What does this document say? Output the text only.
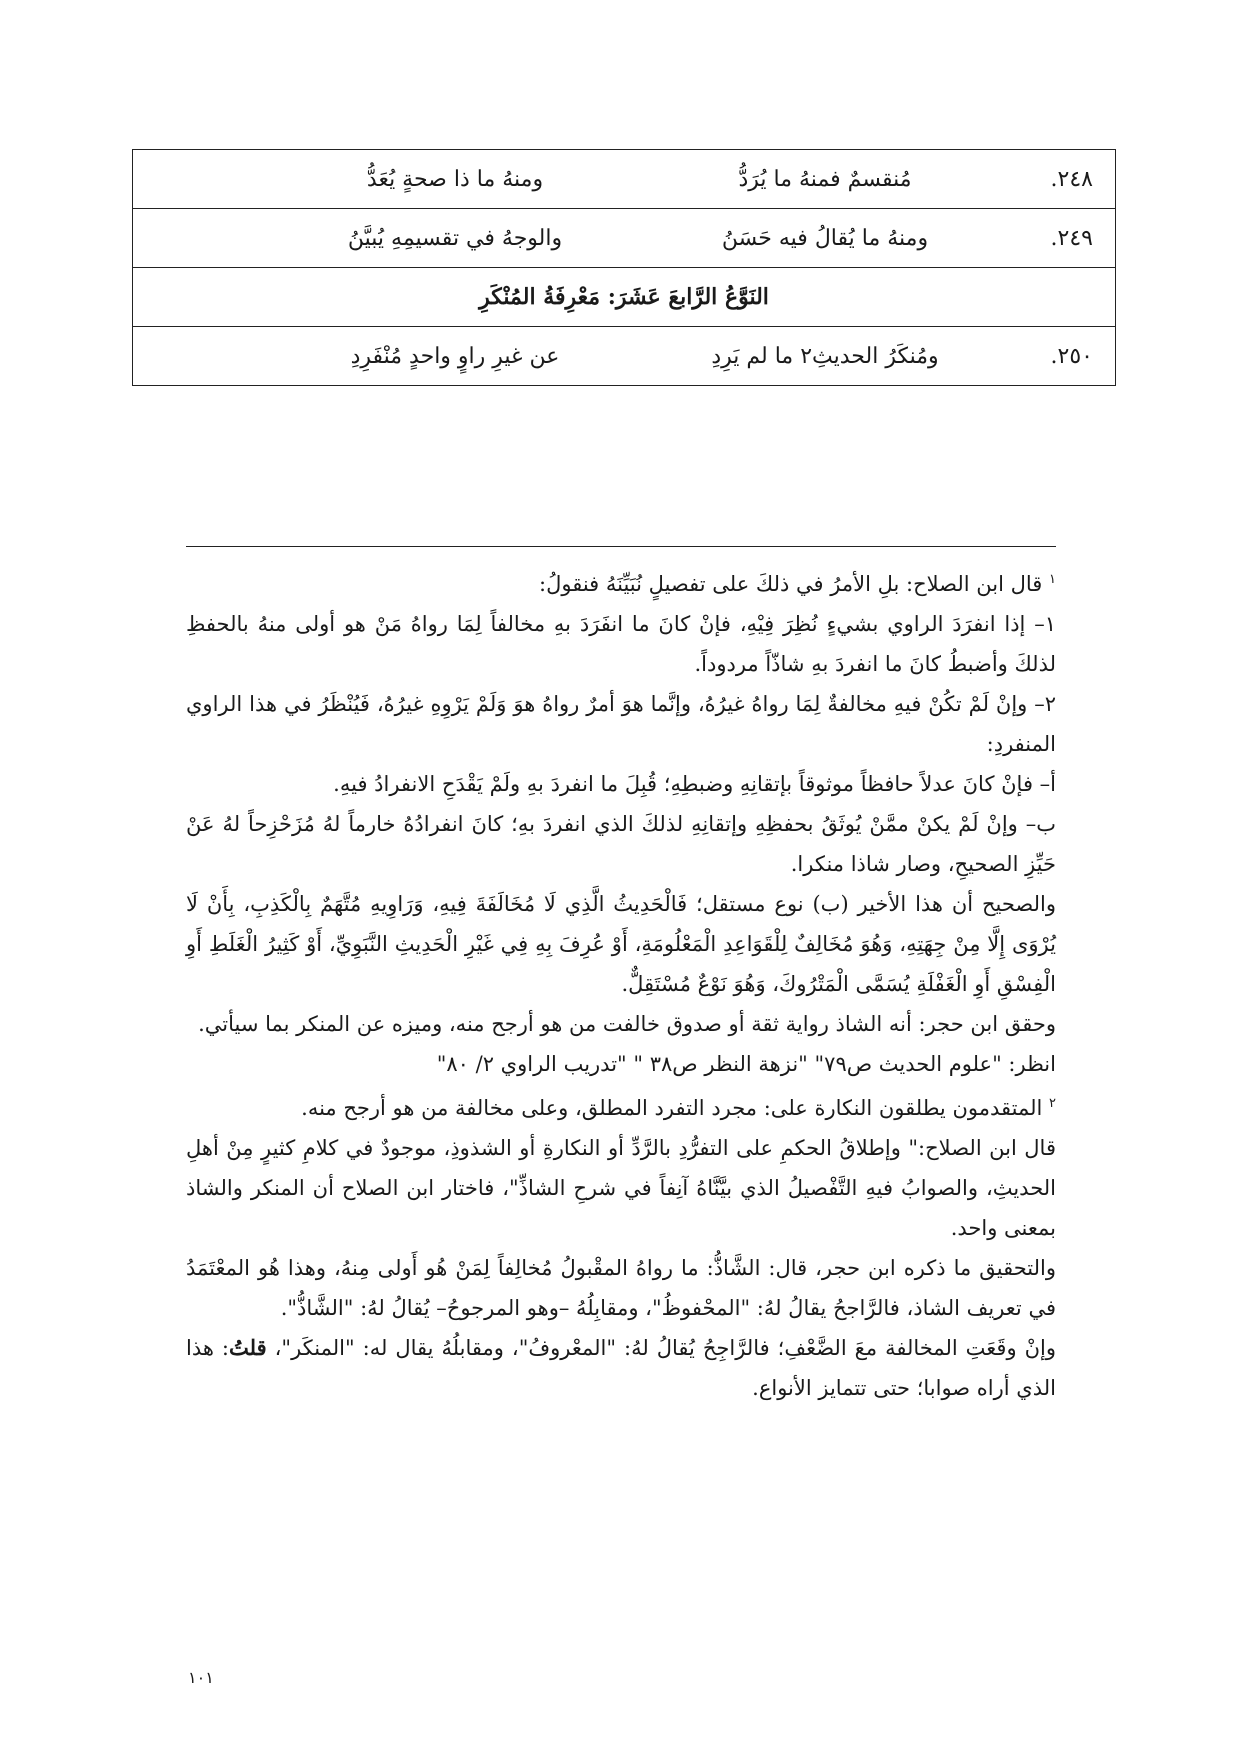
٢٤٨.
مُنقسمٌ فمنهُ ما يُرَدُّ
ومنهُ ما ذا صحةٍ يُعَدُّ

٢٤٩.
ومنهُ ما يُقالُ فيه حَسَنُ
والوجهُ في تقسيمِهِ يُبيَّنُ

النَوَّعُ الرَّابعَ عَشَرَ: مَعْرِفَةُ المُنْكَرِ

٢٥٠.
ومُنكَرُ الحديثِ٢ ما لم يَرِدِ
عن غيرِ راوٍ واحدٍ مُنْفَرِدِ

$^١$ قال ابن الصلاح: بلِ الأمرُ في ذلكَ على تفصيلٍ نُبَيِّنَهُ فنقولُ:

١– إذا انفرَدَ الراوي بشيءٍ نُظِرَ فِيْهِ، فإنْ كانَ ما انفَرَدَ بهِ مخالفاً لِمَا رواهُ مَنْ هو أولى منهُ بالحفظِ لذلكَ وأضبطُ كانَ ما انفردَ بهِ شاذّاً مردوداً.

٢– وإنْ لَمْ تكُنْ فيهِ مخالفةٌ لِمَا رواهُ غيرُهُ، وإنَّما هوَ أمرٌ رواهُ هوَ وَلَمْ يَرْوِهِ غيرُهُ، فَيُنْظَرُ في هذا الراوي المنفردِ:

أ– فإنْ كانَ عدلاً حافظاً موثوقاً بإتقانِهِ وضبطِهِ؛ قُبِلَ ما انفردَ بهِ ولَمْ يَقْدَحِ الانفرادُ فيهِ.

ب– وإنْ لَمْ يكنْ ممَّنْ يُوثَقُ بحفظِهِ وإتقانِهِ لذلكَ الذي انفردَ بهِ؛ كانَ انفرادُهُ خارماً لهُ مُزَحْزِحاً لهُ عَنْ حَيِّزِ الصحيحِ، وصار شاذا منكرا.

والصحيح أن هذا الأخير (ب) نوع مستقل؛ فَالْحَدِيثُ الَّذِي لَا مُخَالَفَةَ فِيهِ، وَرَاوِيهِ مُتَّهَمٌ بِالْكَذِبِ، بِأَنْ لَا يُرْوَى إِلَّا مِنْ جِهَتِهِ، وَهُوَ مُخَالِفٌ لِلْقَوَاعِدِ الْمَعْلُومَةِ، أَوْ عُرِفَ بِهِ فِي غَيْرِ الْحَدِيثِ النَّبَوِيِّ، أَوْ كَثِيرُ الْغَلَطِ أَوِ الْفِسْقِ أَوِ الْغَفْلَةِ يُسَمَّى الْمَتْرُوكَ، وَهُوَ نَوْعٌ مُسْتَقِلٌّ.

وحقق ابن حجر: أنه الشاذ رواية ثقة أو صدوق خالفت من هو أرجح منه، وميزه عن المنكر بما سيأتي.

انظر: "علوم الحديث ص٧٩" "نزهة النظر ص٣٨ " "تدريب الراوي ٢/ ٨٠"

$^٢$ المتقدمون يطلقون النكارة على: مجرد التفرد المطلق، وعلى مخالفة من هو أرجح منه.

قال ابن الصلاح:" وإطلاقُ الحكمِ على التفرُّدِ بالرَّدِّ أو النكارةِ أو الشذوذِ، موجودٌ في كلامِ كثيرٍ مِنْ أهلِ الحديثِ، والصوابُ فيهِ التَّفْصيلُ الذي بيَّنَّاهُ آنِفاً في شرحِ الشاذِّ"، فاختار ابن الصلاح أن المنكر والشاذ بمعنى واحد.

والتحقيق ما ذكره ابن حجر، قال: الشَّاذُّ: ما رواهُ المقْبولُ مُخالِفاً لِمَنْ هُو أَولى مِنهُ، وهذا هُو المعْتَمَدُ في تعريف الشاذ، فالرَّاجحُ يقالُ لهُ: "المحْفوظُ"، ومقابِلُهُ –وهو المرجوحُ– يُقالُ لهُ: "الشَّاذُّ".

وإنْ وقَعَتِ المخالفة معَ الضَّعْفِ؛ فالرَّاجِحُ يُقالُ لهُ: "المعْروفُ"، ومقابلُهُ يقال له: "المنكَر"، قلتُ: هذا الذي أراه صوابا؛ حتى تتمايز الأنواع.

١٠١
